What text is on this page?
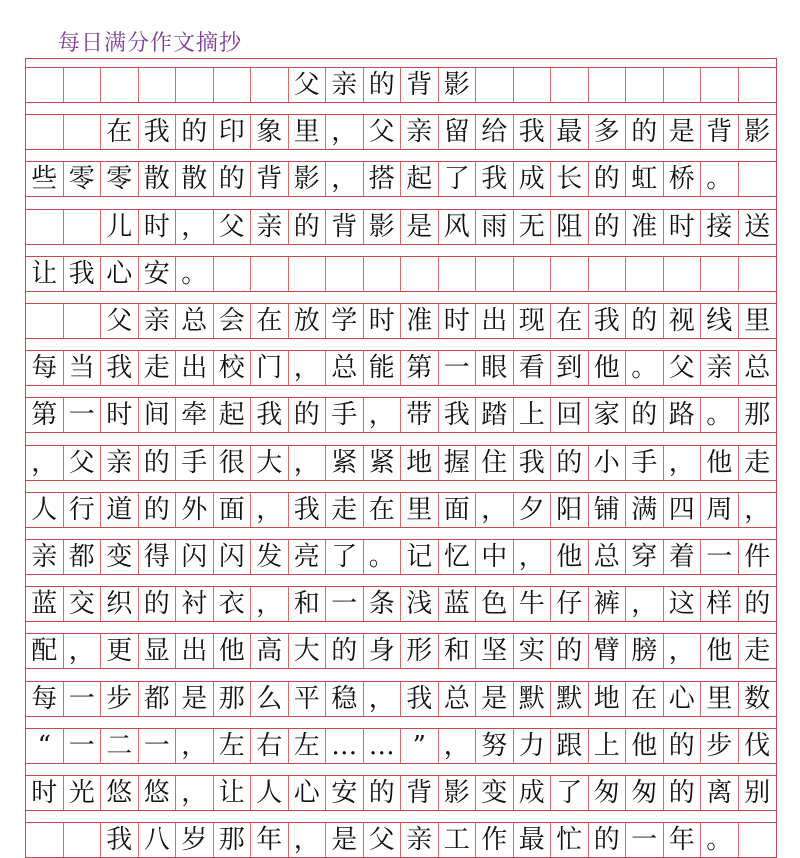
每日满分作文摘抄
父 亲 的 背 影
在 我 的 印 象 里 ， 父 亲 留 给 我 最 多 的 是 背 影
些 零 零 散 散 的 背 影 ， 搭 起 了 我 成 长 的 虹 桥 。
儿 时 ， 父 亲 的 背 影 是 风 雨 无 阻 的 准 时 接 送
让 我 心 安 。
父 亲 总 会 在 放 学 时 准 时 出 现 在 我 的 视 线 里
每 当 我 走 出 校 门 ， 总 能 第 一 眼 看 到 他 。 父 亲 总
第 一 时 间 牵 起 我 的 手 ， 带 我 踏 上 回 家 的 路 。 那
， 父 亲 的 手 很 大 ， 紧 紧 地 握 住 我 的 小 手 ， 他 走
人 行 道 的 外 面 ， 我 走 在 里 面 ， 夕 阳 铺 满 四 周 ，
亲 都 变 得 闪 闪 发 亮 了 。 记 忆 中 ， 他 总 穿 着 一 件
蓝 交 织 的 衬 衣 ， 和 一 条 浅 蓝 色 牛 仔 裤 ， 这 样 的
配 ， 更 显 出 他 高 大 的 身 形 和 坚 实 的 臂 膀 ， 他 走
每 一 步 都 是 那 么 平 稳 ， 我 总 是 默 默 地 在 心 里 数
“ 一 二 一 ， 左 右 左 … … ” ， 努 力 跟 上 他 的 步 伐
时 光 悠 悠 ， 让 人 心 安 的 背 影 变 成 了 匆 匆 的 离 别
我 八 岁 那 年 ， 是 父 亲 工 作 最 忙 的 一 年 。
